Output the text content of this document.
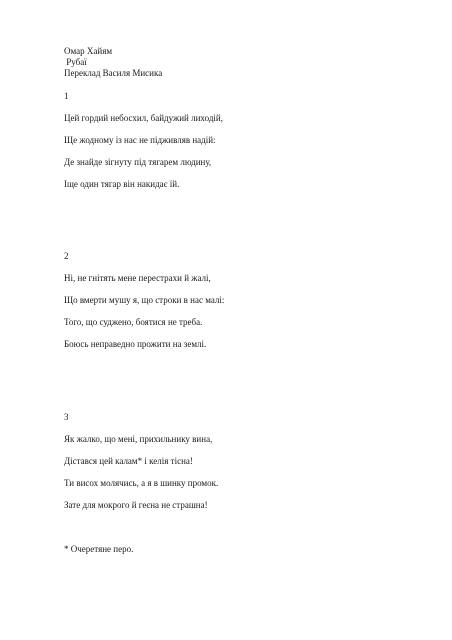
Омар Хайям
Рубаї
Переклад Василя Мисика
1
Цей гордий небосхил, байдужий лиходій,
Ще жодному із нас не підживляв надій:
Де знайде зігнуту під тягарем людину,
Іще один тягар він накидає їй.
2
Ні, не гнітять мене перестрахи й жалі,
Що вмерти мушу я, що строки в нас малі:
Того, що суджено, боятися не треба.
Боюсь неправедно прожити на землі.
3
Як жалко, що мені, прихильнику вина,
Дістався цей калам* і келія тісна!
Ти висох молячись, а я в шинку промок.
Зате для мокрого й геєна не страшна!
* Очеретяне перо.
